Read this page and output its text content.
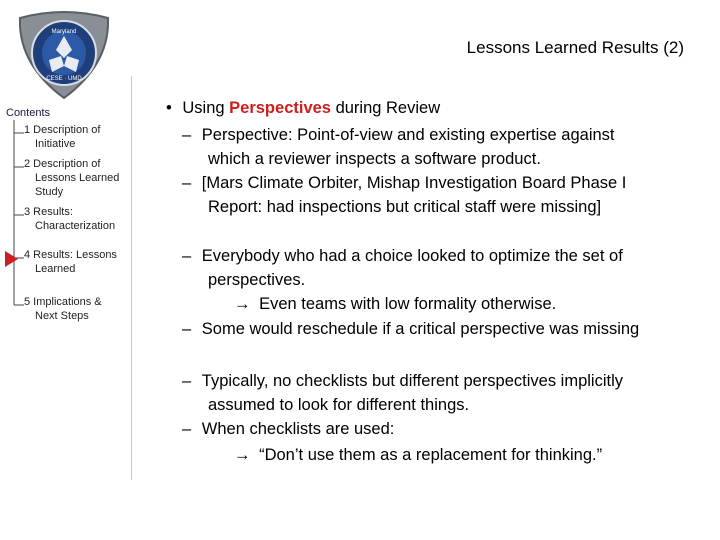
Maryland
CESE · UMD
Lessons Learned Results (2)
Contents
1 Description of
Initiative
2 Description of
Lessons Learned
Study
3 Results:
Characterization
4 Results: Lessons
Learned
5 Implications &
Next Steps
• Using Perspectives during Review
– Perspective: Point-of-view and existing expertise against
which a reviewer inspects a software product.
– [Mars Climate Orbiter, Mishap Investigation Board Phase I
Report: had inspections but critical staff were missing]
– Everybody who had a choice looked to optimize the set of
perspectives.
→ Even teams with low formality otherwise.
– Some would reschedule if a critical perspective was missing
– Typically, no checklists but different perspectives implicitly
assumed to look for different things.
– When checklists are used:
→ “Don’t use them as a replacement for thinking.”
